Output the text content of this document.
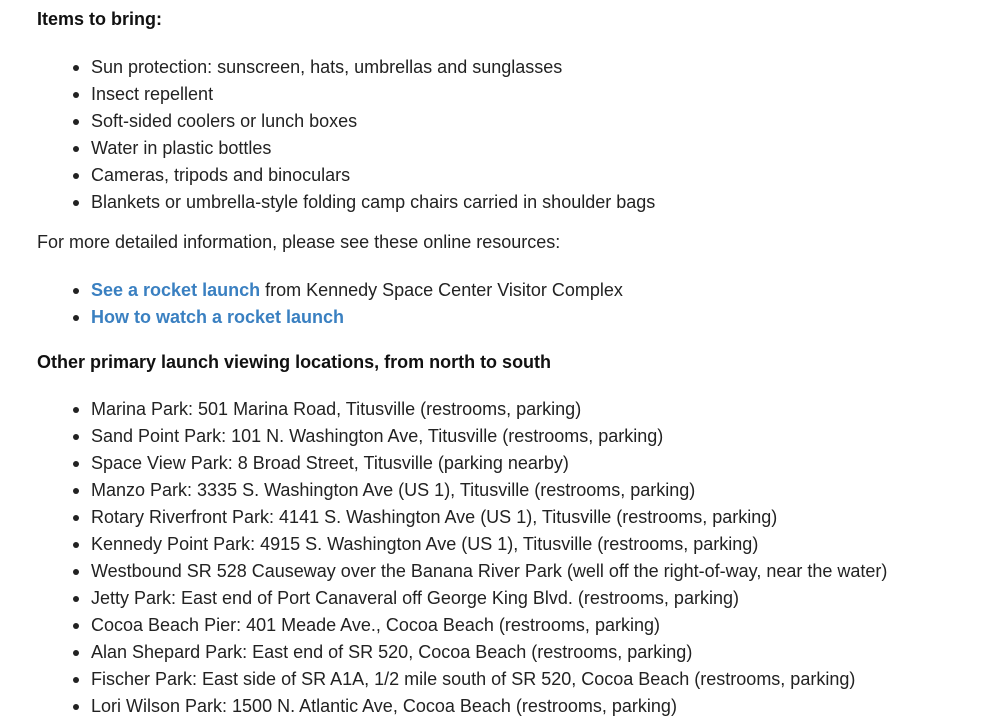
Items to bring:
Sun protection: sunscreen, hats, umbrellas and sunglasses
Insect repellent
Soft-sided coolers or lunch boxes
Water in plastic bottles
Cameras, tripods and binoculars
Blankets or umbrella-style folding camp chairs carried in shoulder bags

For more detailed information, please see these online resources:

See a rocket launch from Kennedy Space Center Visitor Complex
How to watch a rocket launch
Other primary launch viewing locations, from north to south
Marina Park: 501 Marina Road, Titusville (restrooms, parking)
Sand Point Park: 101 N. Washington Ave, Titusville (restrooms, parking)
Space View Park: 8 Broad Street, Titusville (parking nearby)
Manzo Park: 3335 S. Washington Ave (US 1), Titusville (restrooms, parking)
Rotary Riverfront Park: 4141 S. Washington Ave (US 1), Titusville (restrooms, parking)
Kennedy Point Park: 4915 S. Washington Ave (US 1), Titusville (restrooms, parking)
Westbound SR 528 Causeway over the Banana River Park (well off the right-of-way, near the water)
Jetty Park: East end of Port Canaveral off George King Blvd. (restrooms, parking)
Cocoa Beach Pier: 401 Meade Ave., Cocoa Beach (restrooms, parking)
Alan Shepard Park: East end of SR 520, Cocoa Beach (restrooms, parking)
Fischer Park: East side of SR A1A, 1/2 mile south of SR 520, Cocoa Beach (restrooms, parking)
Lori Wilson Park: 1500 N. Atlantic Ave, Cocoa Beach (restrooms, parking)
